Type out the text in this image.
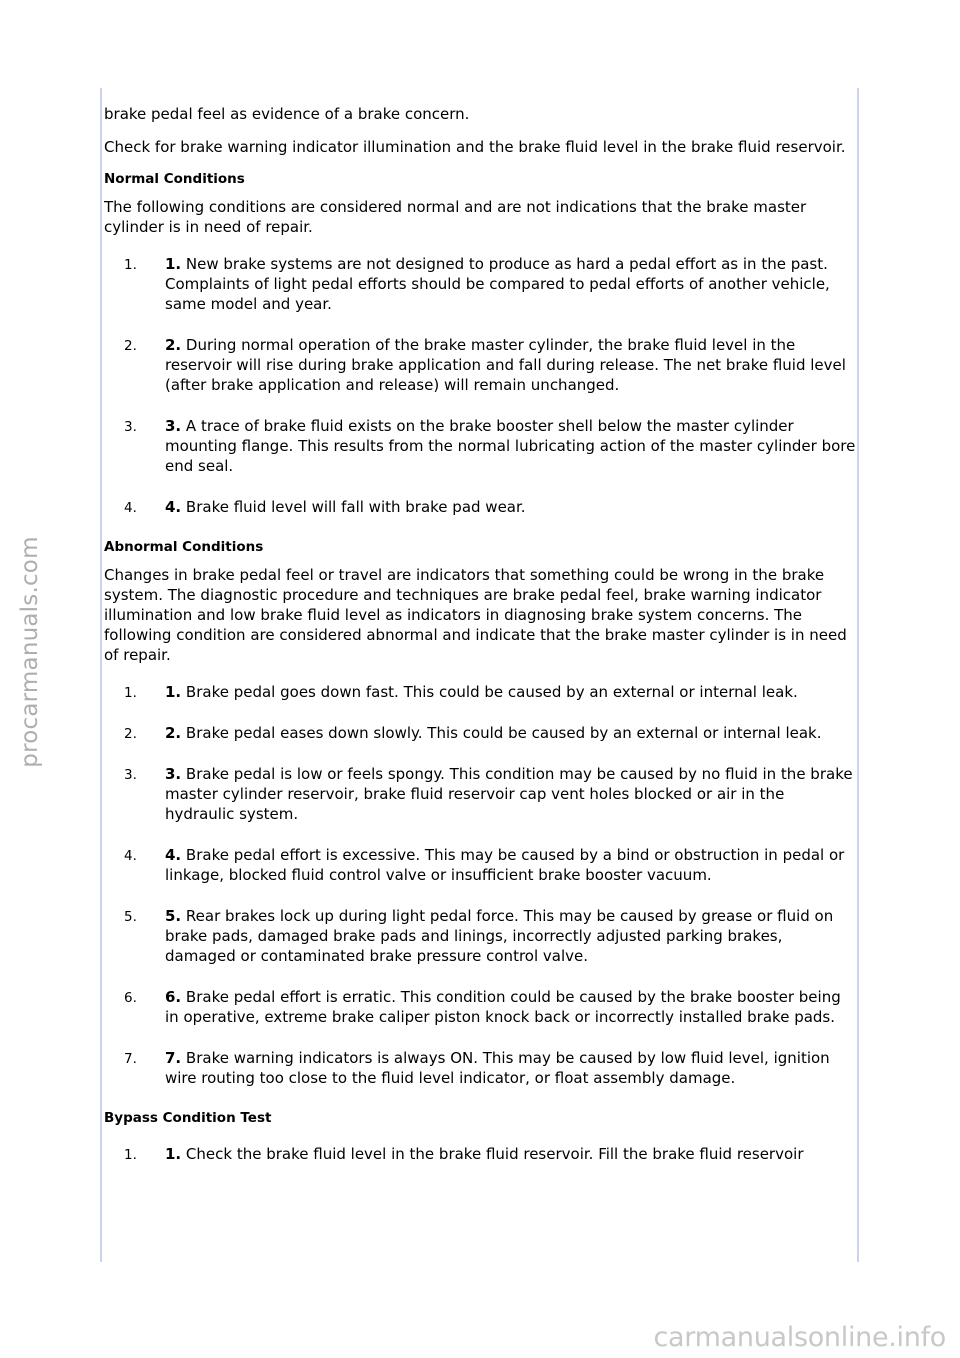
procarmanuals.com
carmanualsonline.info

brake pedal feel as evidence of a brake concern.

Check for brake warning indicator illumination and the brake fluid level in the brake fluid reservoir.

Normal Conditions

The following conditions are considered normal and are not indications that the brake master cylinder is in need of repair.

1. 1. New brake systems are not designed to produce as hard a pedal effort as in the past. Complaints of light pedal efforts should be compared to pedal efforts of another vehicle, same model and year.
2. 2. During normal operation of the brake master cylinder, the brake fluid level in the reservoir will rise during brake application and fall during release. The net brake fluid level (after brake application and release) will remain unchanged.
3. 3. A trace of brake fluid exists on the brake booster shell below the master cylinder mounting flange. This results from the normal lubricating action of the master cylinder bore end seal.
4. 4. Brake fluid level will fall with brake pad wear.
Abnormal Conditions

Changes in brake pedal feel or travel are indicators that something could be wrong in the brake system. The diagnostic procedure and techniques are brake pedal feel, brake warning indicator illumination and low brake fluid level as indicators in diagnosing brake system concerns. The following condition are considered abnormal and indicate that the brake master cylinder is in need of repair.

1. 1. Brake pedal goes down fast. This could be caused by an external or internal leak.
2. 2. Brake pedal eases down slowly. This could be caused by an external or internal leak.
3. 3. Brake pedal is low or feels spongy. This condition may be caused by no fluid in the brake master cylinder reservoir, brake fluid reservoir cap vent holes blocked or air in the hydraulic system.
4. 4. Brake pedal effort is excessive. This may be caused by a bind or obstruction in pedal or linkage, blocked fluid control valve or insufficient brake booster vacuum.
5. 5. Rear brakes lock up during light pedal force. This may be caused by grease or fluid on brake pads, damaged brake pads and linings, incorrectly adjusted parking brakes, damaged or contaminated brake pressure control valve.
6. 6. Brake pedal effort is erratic. This condition could be caused by the brake booster being in operative, extreme brake caliper piston knock back or incorrectly installed brake pads.
7. 7. Brake warning indicators is always ON. This may be caused by low fluid level, ignition wire routing too close to the fluid level indicator, or float assembly damage.
Bypass Condition Test
1. 1. Check the brake fluid level in the brake fluid reservoir. Fill the brake fluid reservoir
